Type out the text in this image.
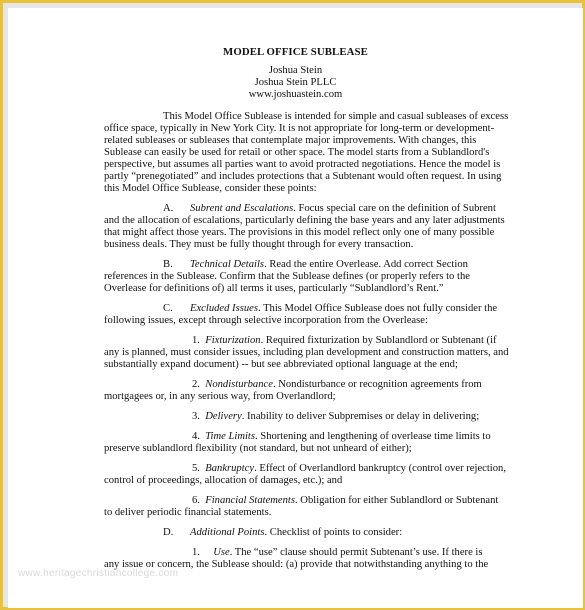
MODEL OFFICE SUBLEASE
Joshua Stein
Joshua Stein PLLC
www.joshuastein.com
This Model Office Sublease is intended for simple and casual subleases of excess
office space, typically in New York City. It is not appropriate for long-term or development-
related subleases or subleases that contemplate major improvements. With changes, this
Sublease can easily be used for retail or other space. The model starts from a Sublandlord's
perspective, but assumes all parties want to avoid protracted negotiations. Hence the model is
partly “prenegotiated” and includes protections that a Subtenant would often request. In using
this Model Office Sublease, consider these points:
A. Subrent and Escalations. Focus special care on the definition of Subrent
and the allocation of escalations, particularly defining the base years and any later adjustments
that might affect those years. The provisions in this model reflect only one of many possible
business deals. They must be fully thought through for every transaction.
B. Technical Details. Read the entire Overlease. Add correct Section
references in the Sublease. Confirm that the Sublease defines (or properly refers to the
Overlease for definitions of) all terms it uses, particularly “Sublandlord’s Rent.”
C. Excluded Issues. This Model Office Sublease does not fully consider the
following issues, except through selective incorporation from the Overlease:
1. Fixturization. Required fixturization by Sublandlord or Subtenant (if
any is planned, must consider issues, including plan development and construction matters, and
substantially expand document) -- but see abbreviated optional language at the end;
2. Nondisturbance. Nondisturbance or recognition agreements from
mortgagees or, in any serious way, from Overlandlord;
3. Delivery. Inability to deliver Subpremises or delay in delivering;
4. Time Limits. Shortening and lengthening of overlease time limits to
preserve sublandlord flexibility (not standard, but not unheard of either);
5. Bankruptcy. Effect of Overlandlord bankruptcy (control over rejection,
control of proceedings, allocation of damages, etc.); and
6. Financial Statements. Obligation for either Sublandlord or Subtenant
to deliver periodic financial statements.
D. Additional Points. Checklist of points to consider:
1. Use. The “use” clause should permit Subtenant’s use. If there is
any issue or concern, the Sublease should: (a) provide that notwithstanding anything to the
www.heritagechristiancollege.com
